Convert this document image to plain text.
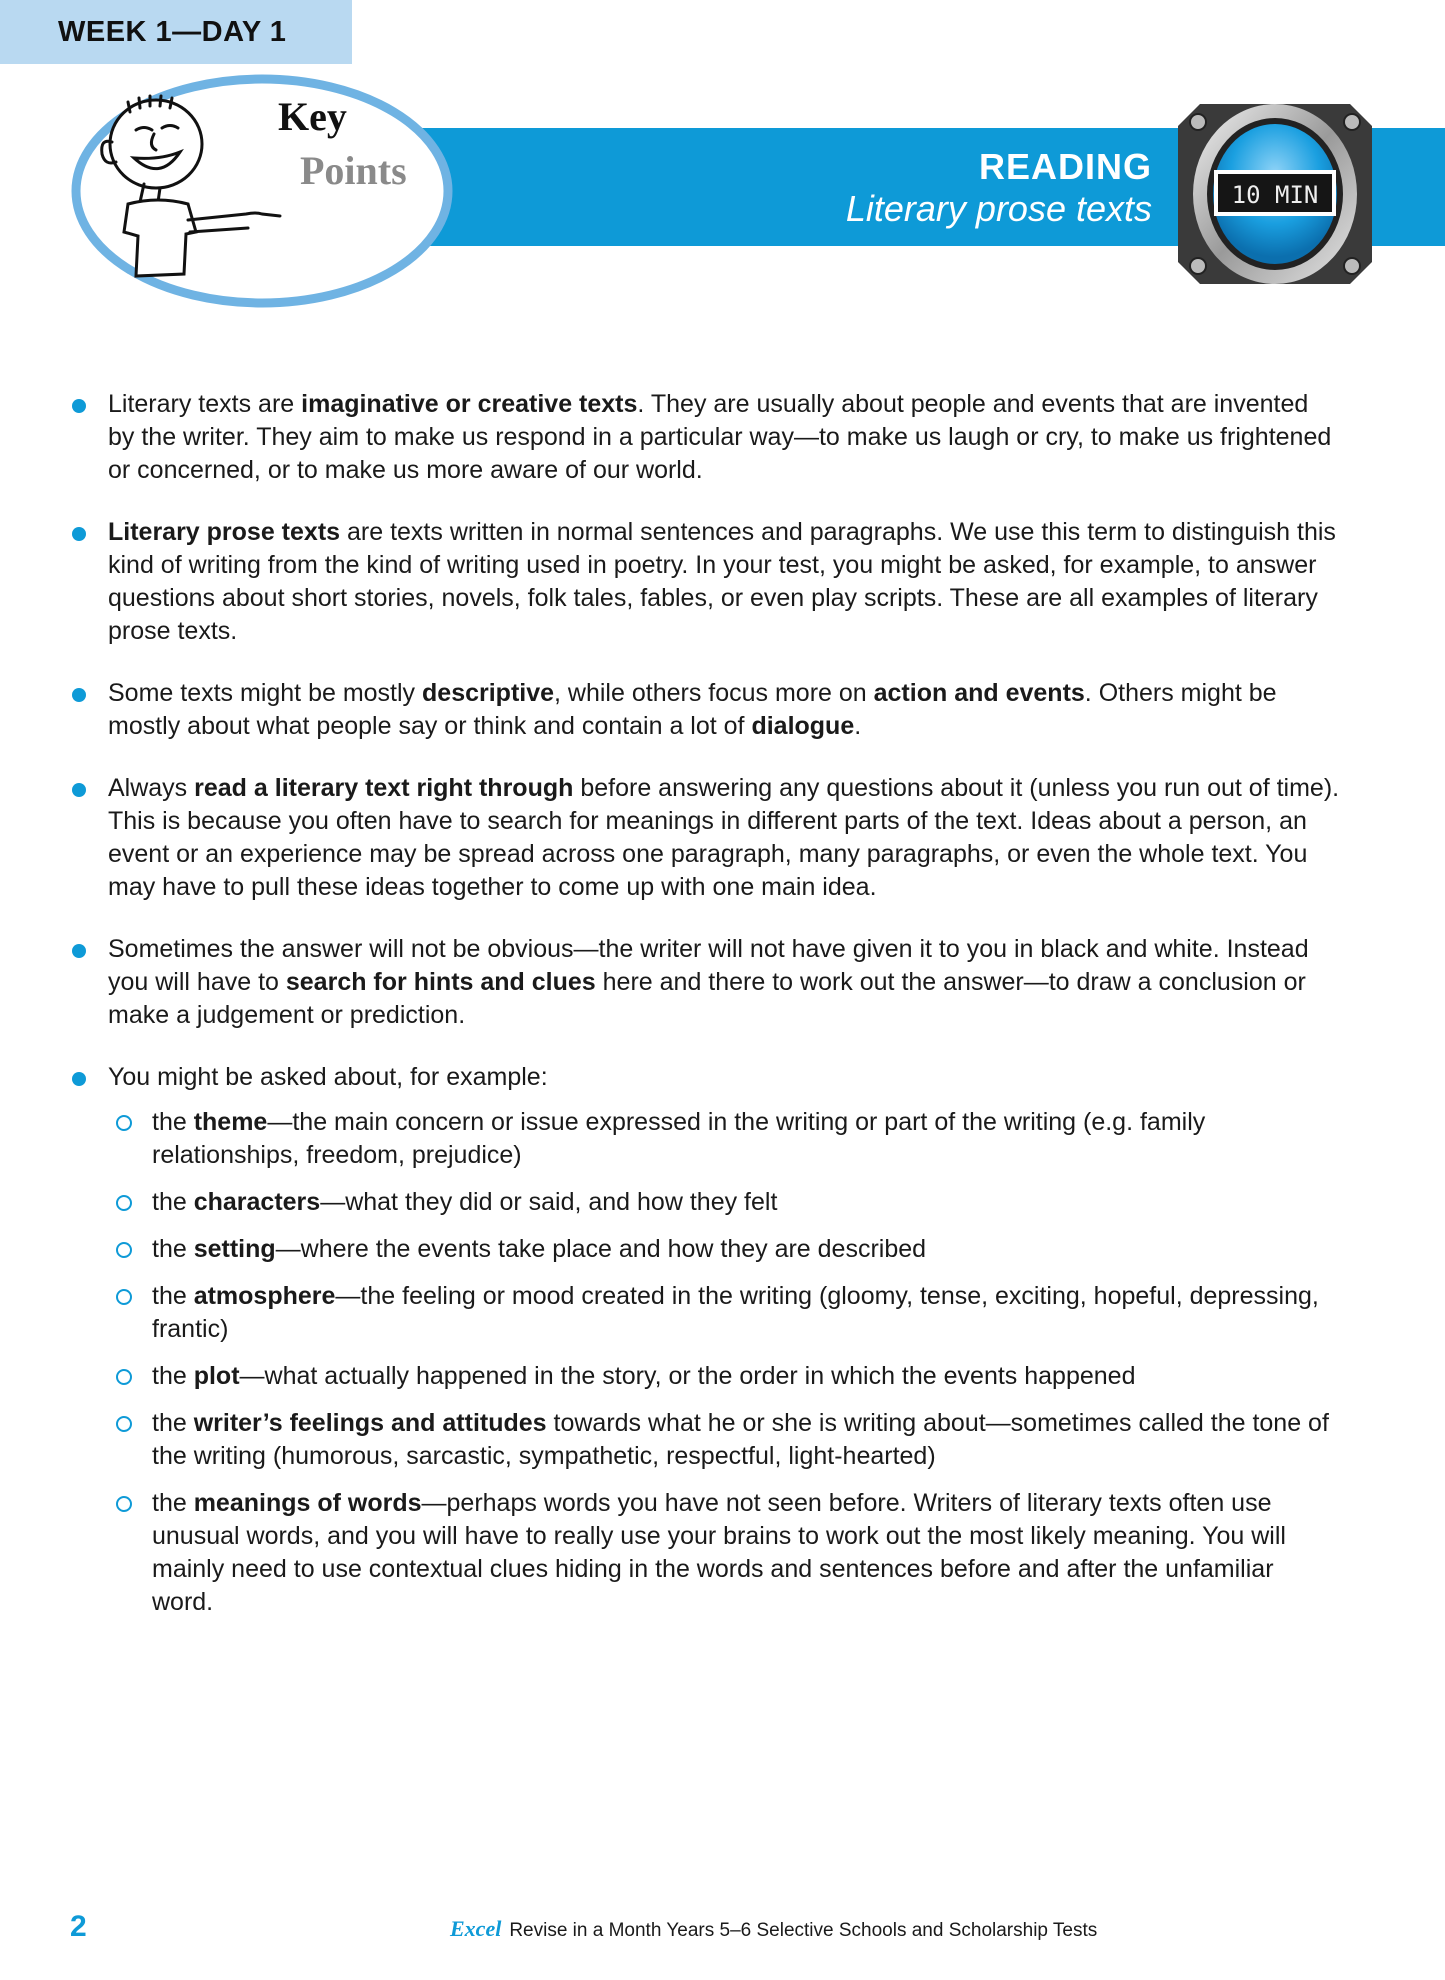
WEEK 1—DAY 1
Key
Points	READING
Literary prose texts	10 MIN
Literary texts are imaginative or creative texts. They are usually about people and events that are invented by the writer. They aim to make us respond in a particular way—to make us laugh or cry, to make us frightened or concerned, or to make us more aware of our world.
Literary prose texts are texts written in normal sentences and paragraphs. We use this term to distinguish this kind of writing from the kind of writing used in poetry. In your test, you might be asked, for example, to answer questions about short stories, novels, folk tales, fables, or even play scripts. These are all examples of literary prose texts.
Some texts might be mostly descriptive, while others focus more on action and events. Others might be mostly about what people say or think and contain a lot of dialogue.
Always read a literary text right through before answering any questions about it (unless you run out of time). This is because you often have to search for meanings in different parts of the text. Ideas about a person, an event or an experience may be spread across one paragraph, many paragraphs, or even the whole text. You may have to pull these ideas together to come up with one main idea.
Sometimes the answer will not be obvious—the writer will not have given it to you in black and white. Instead you will have to search for hints and clues here and there to work out the answer—to draw a conclusion or make a judgement or prediction.
You might be asked about, for example:
the theme—the main concern or issue expressed in the writing or part of the writing (e.g. family relationships, freedom, prejudice)
the characters—what they did or said, and how they felt
the setting—where the events take place and how they are described
the atmosphere—the feeling or mood created in the writing (gloomy, tense, exciting, hopeful, depressing, frantic)
the plot—what actually happened in the story, or the order in which the events happened
the writer’s feelings and attitudes towards what he or she is writing about—sometimes called the tone of the writing (humorous, sarcastic, sympathetic, respectful, light-hearted)
the meanings of words—perhaps words you have not seen before. Writers of literary texts often use unusual words, and you will have to really use your brains to work out the most likely meaning. You will mainly need to use contextual clues hiding in the words and sentences before and after the unfamiliar word.
2	Excel Revise in a Month Years 5–6 Selective Schools and Scholarship Tests
